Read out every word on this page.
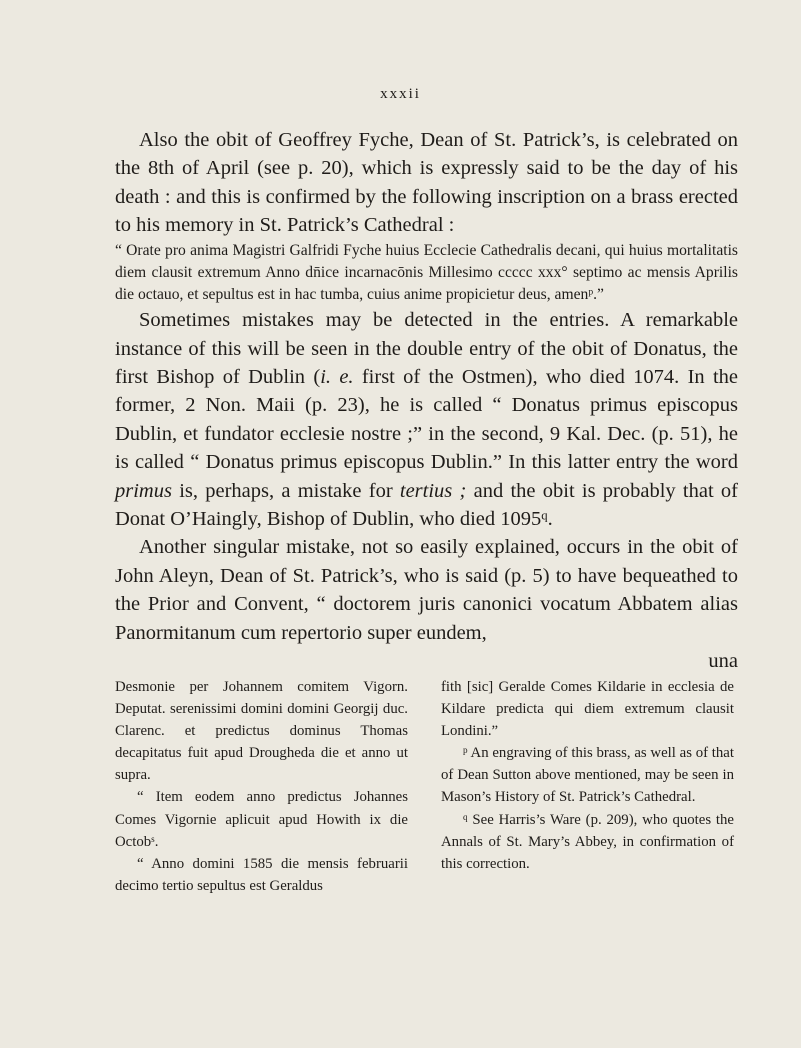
xxxii

Also the obit of Geoffrey Fyche, Dean of St. Patrick’s, is celebrated on the 8th of April (see p. 20), which is expressly said to be the day of his death : and this is confirmed by the following inscription on a brass erected to his memory in St. Patrick’s Cathedral :

“ Orate pro anima Magistri Galfridi Fyche huius Ecclecie Cathedralis decani, qui huius mortalitatis diem clausit extremum Anno dn̄ice incarnacōnis Millesimo ccccc xxx° septimo ac mensis Aprilis die octauo, et sepultus est in hac tumba, cuius anime propicietur deus, amen$^p$.”

Sometimes mistakes may be detected in the entries. A remarkable instance of this will be seen in the double entry of the obit of Donatus, the first Bishop of Dublin (i. e. first of the Ostmen), who died 1074. In the former, 2 Non. Maii (p. 23), he is called “ Donatus primus episcopus Dublin, et fundator ecclesie nostre ;” in the second, 9 Kal. Dec. (p. 51), he is called “ Donatus primus episcopus Dublin.” In this latter entry the word primus is, perhaps, a mistake for tertius ; and the obit is probably that of Donat O’Haingly, Bishop of Dublin, who died 1095$^q$.

Another singular mistake, not so easily explained, occurs in the obit of John Aleyn, Dean of St. Patrick’s, who is said (p. 5) to have bequeathed to the Prior and Convent, “ doctorem juris canonici vocatum Abbatem alias Panormitanum cum repertorio super eundem,

una

Desmonie per Johannem comitem Vigorn. Deputat. serenissimi domini domini Georgij duc. Clarenc. et predictus dominus Thomas decapitatus fuit apud Droughedа die et anno ut supra.

“ Item eodem anno predictus Johannes Comes Vigornie aplicuit apud Howith ix die Octob$^s$.

“ Anno domini 1585 die mensis februarii decimo tertio sepultus est Geraldus

fith [sic] Geralde Comes Kildarie in ecclesia de Kildare predicta qui diem extremum clausit Londini.”

$^p$ An engraving of this brass, as well as of that of Dean Sutton above mentioned, may be seen in Mason’s History of St. Patrick’s Cathedral.

$^q$ See Harris’s Ware (p. 209), who quotes the Annals of St. Mary’s Abbey, in confirmation of this correction.
